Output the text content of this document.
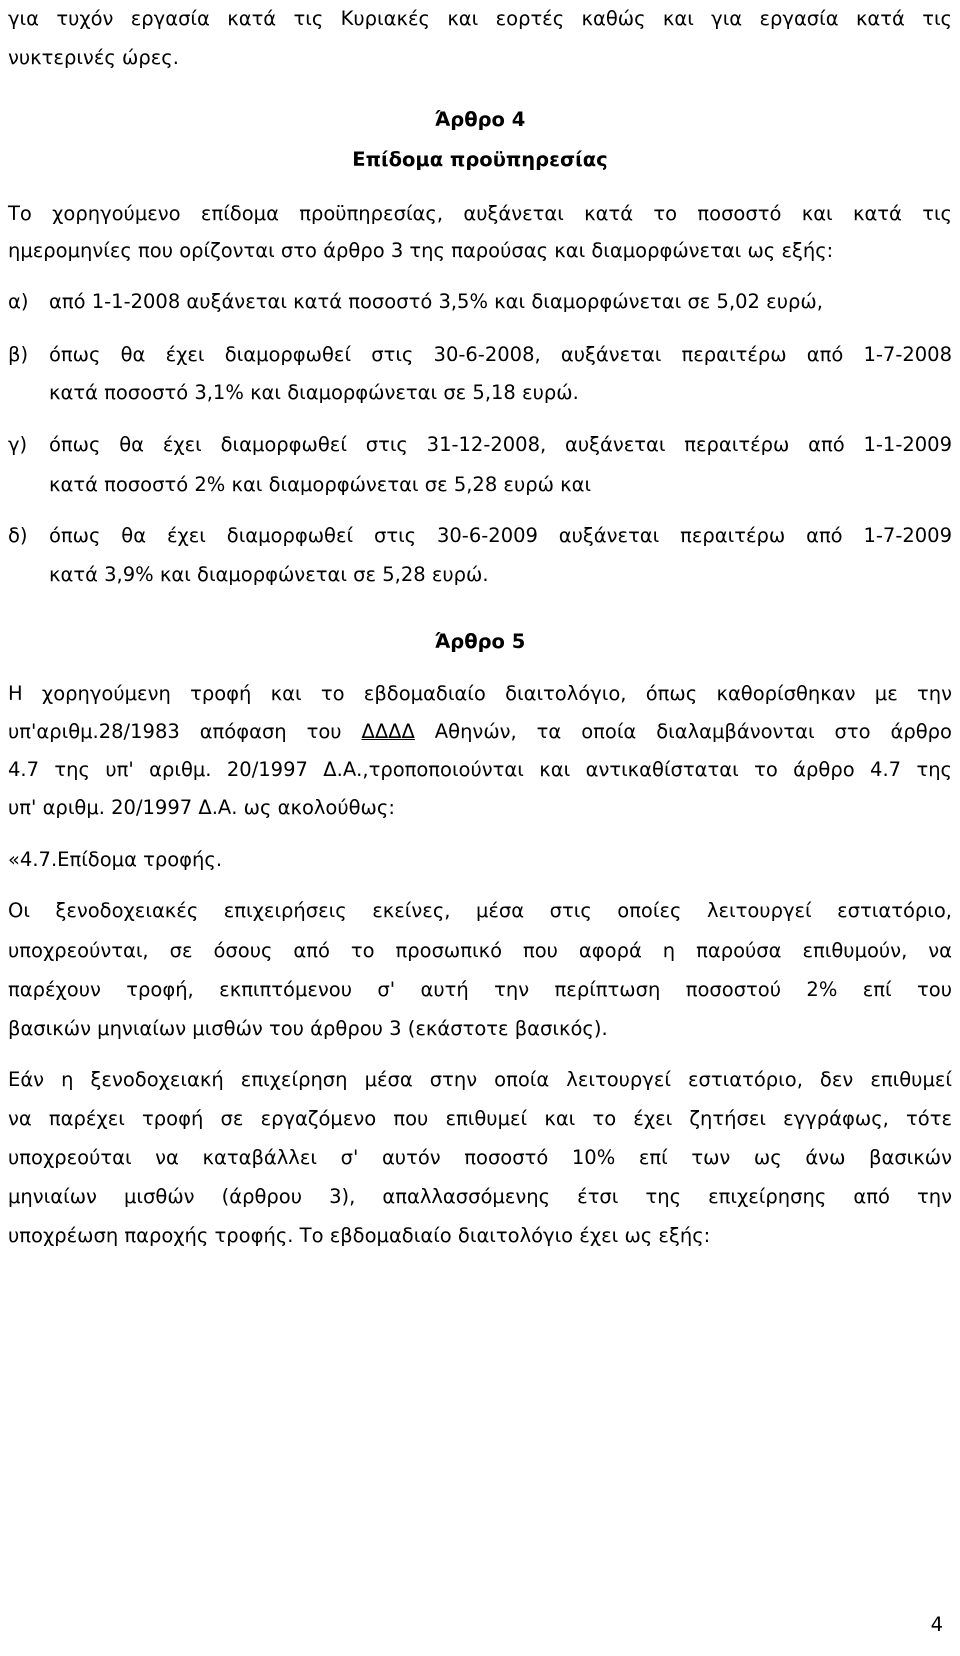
για τυχόν εργασία κατά τις Κυριακές και εορτές καθώς και για εργασία κατά τις
νυκτερινές ώρες.
Άρθρο 4
Επίδομα προϋπηρεσίας
Το χορηγούμενο επίδομα προϋπηρεσίας, αυξάνεται κατά το ποσοστό και κατά τις
ημερομηνίες που ορίζονται στο άρθρο 3 της παρούσας και διαμορφώνεται ως εξής:
α) από 1-1-2008 αυξάνεται κατά ποσοστό 3,5% και διαμορφώνεται σε 5,02 ευρώ,
β) όπως θα έχει διαμορφωθεί στις 30-6-2008, αυξάνεται περαιτέρω από 1-7-2008
κατά ποσοστό 3,1% και διαμορφώνεται σε 5,18 ευρώ.
γ) όπως θα έχει διαμορφωθεί στις 31-12-2008, αυξάνεται περαιτέρω από 1-1-2009
κατά ποσοστό 2% και διαμορφώνεται σε 5,28 ευρώ και
δ) όπως θα έχει διαμορφωθεί στις 30-6-2009 αυξάνεται περαιτέρω από 1-7-2009
κατά 3,9% και διαμορφώνεται σε 5,28 ευρώ.
Άρθρο 5
Η χορηγούμενη τροφή και το εβδομαδιαίο διαιτολόγιο, όπως καθορίσθηκαν με την
υπ'αριθμ.28/1983 απόφαση του ΔΔΔΔ Αθηνών, τα οποία διαλαμβάνονται στο άρθρο
4.7 της υπ' αριθμ. 20/1997 Δ.Α.,τροποποιούνται και αντικαθίσταται το άρθρο 4.7 της
υπ' αριθμ. 20/1997 Δ.Α. ως ακολούθως:
«4.7.Επίδομα τροφής.
Οι ξενοδοχειακές επιχειρήσεις εκείνες, μέσα στις οποίες λειτουργεί εστιατόριο,
υποχρεούνται, σε όσους από το προσωπικό που αφορά η παρούσα επιθυμούν, να
παρέχουν τροφή, εκπιπτόμενου σ' αυτή την περίπτωση ποσοστού 2% επί του
βασικών μηνιαίων μισθών του άρθρου 3 (εκάστοτε βασικός).
Εάν η ξενοδοχειακή επιχείρηση μέσα στην οποία λειτουργεί εστιατόριο, δεν επιθυμεί
να παρέχει τροφή σε εργαζόμενο που επιθυμεί και το έχει ζητήσει εγγράφως, τότε
υποχρεούται να καταβάλλει σ' αυτόν ποσοστό 10% επί των ως άνω βασικών
μηνιαίων μισθών (άρθρου 3), απαλλασσόμενης έτσι της επιχείρησης από την
υποχρέωση παροχής τροφής. Το εβδομαδιαίο διαιτολόγιο έχει ως εξής:
4
